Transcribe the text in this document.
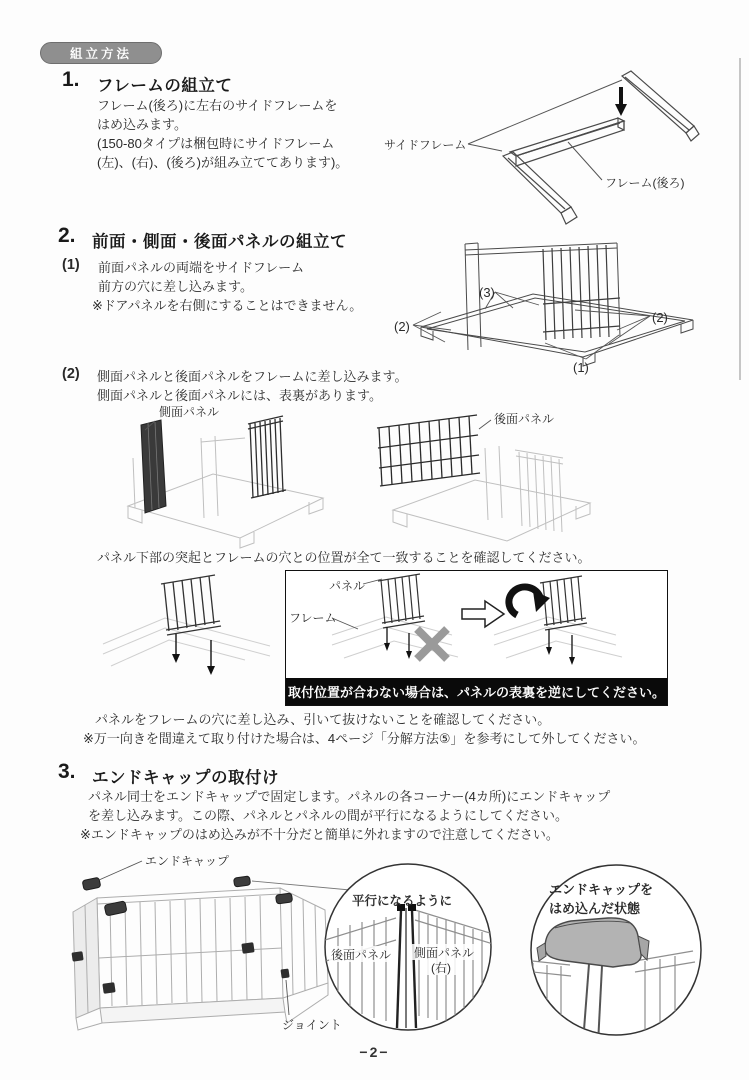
組立方法
1. フレームの組立て
フレーム(後ろ)に左右のサイドフレームを
はめ込みます。
(150-80タイプは梱包時にサイドフレーム
(左)、(右)、(後ろ)が組み立ててあります)。
サイドフレーム
フレーム(後ろ)
2. 前面・側面・後面パネルの組立て
(1) 前面パネルの両端をサイドフレーム
前方の穴に差し込みます。
※ドアパネルを右側にすることはできません。
(3)
(2)
(2)
(1)
(2) 側面パネルと後面パネルをフレームに差し込みます。
側面パネルと後面パネルには、表裏があります。
側面パネル	後面パネル
パネル下部の突起とフレームの穴との位置が全て一致することを確認してください。
パネル
フレーム
取付位置が合わない場合は、パネルの表裏を逆にしてください。
パネルをフレームの穴に差し込み、引いて抜けないことを確認してください。
※万一向きを間違えて取り付けた場合は、4ページ「分解方法⑤」を参考にして外してください。
3. エンドキャップの取付け
パネル同士をエンドキャップで固定します。パネルの各コーナー(4カ所)にエンドキャップ
を差し込みます。この際、パネルとパネルの間が平行になるようにしてください。
※エンドキャップのはめ込みが不十分だと簡単に外れますので注意してください。
エンドキャップ
ジョイント
平行になるように
後面パネル 側面パネル
(右)
エンドキャップを
はめ込んだ状態
−2−
